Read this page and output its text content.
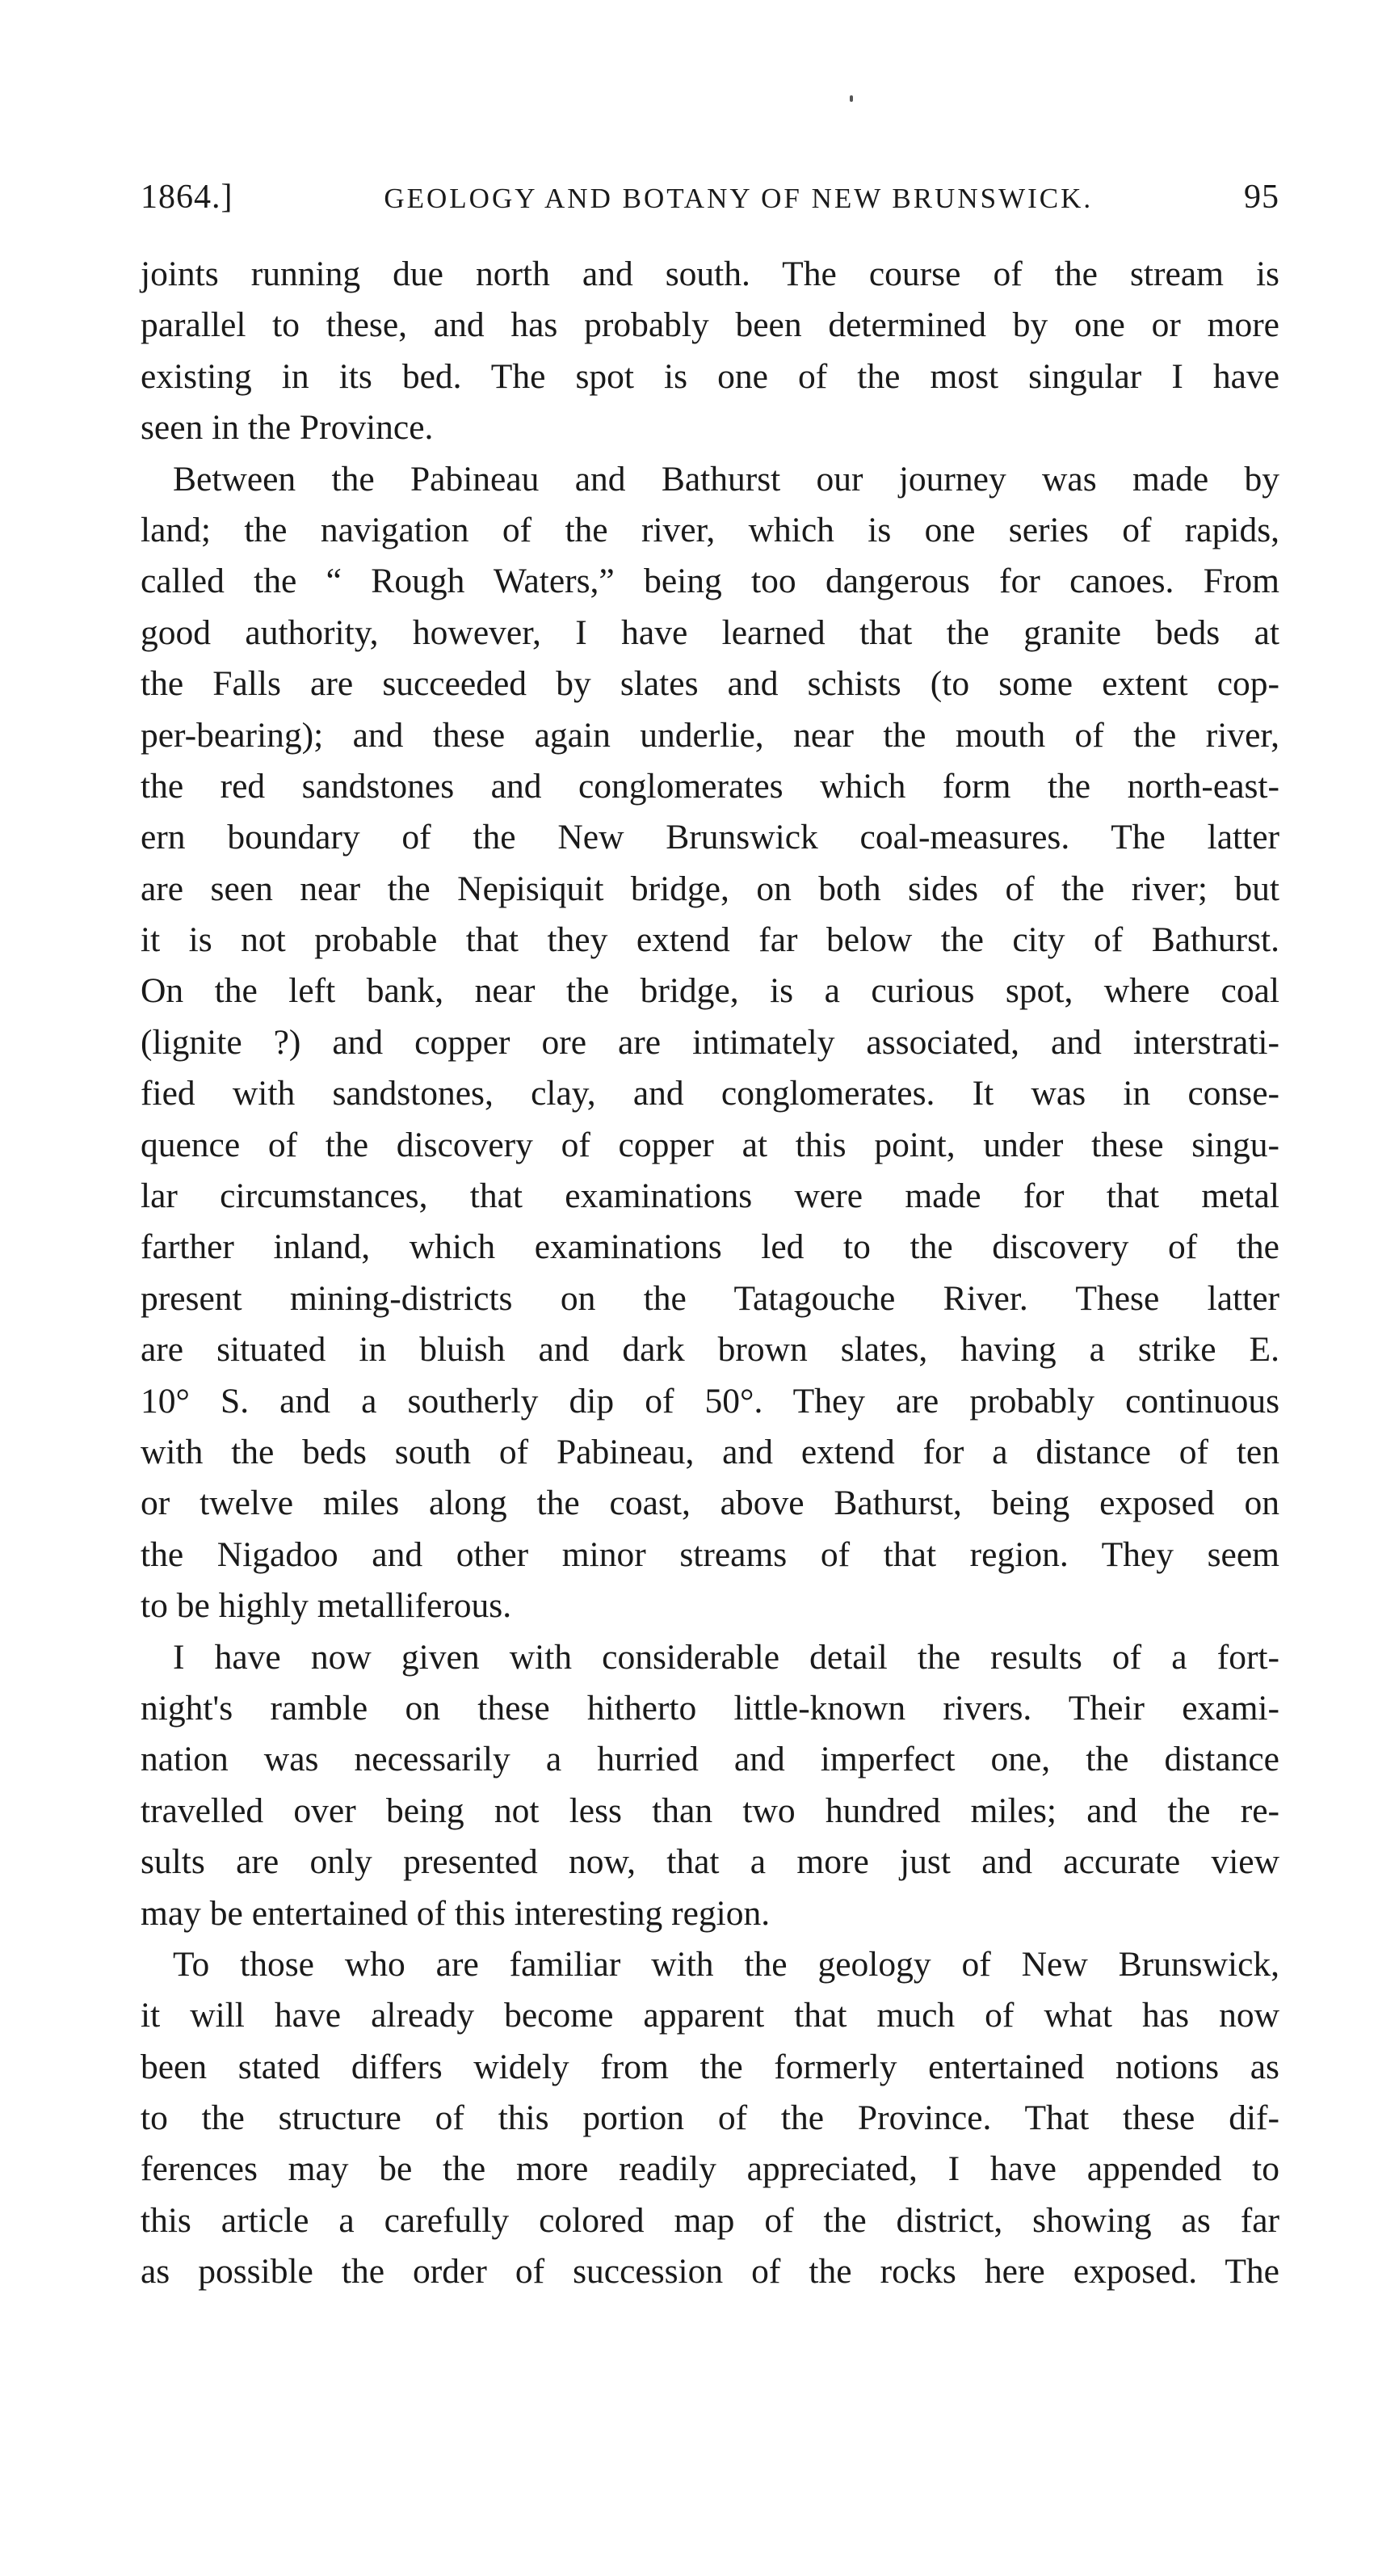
1864.]	GEOLOGY AND BOTANY OF NEW BRUNSWICK.	95
joints running due north and south. The course of the stream is
parallel to these, and has probably been determined by one or more
existing in its bed. The spot is one of the most singular I have
seen in the Province.
Between the Pabineau and Bathurst our journey was made by
land; the navigation of the river, which is one series of rapids,
called the “ Rough Waters,” being too dangerous for canoes. From
good authority, however, I have learned that the granite beds at
the Falls are succeeded by slates and schists (to some extent cop-
per-bearing); and these again underlie, near the mouth of the river,
the red sandstones and conglomerates which form the north-east-
ern boundary of the New Brunswick coal-measures. The latter
are seen near the Nepisiquit bridge, on both sides of the river; but
it is not probable that they extend far below the city of Bathurst.
On the left bank, near the bridge, is a curious spot, where coal
(lignite ?) and copper ore are intimately associated, and interstrati-
fied with sandstones, clay, and conglomerates. It was in conse-
quence of the discovery of copper at this point, under these singu-
lar circumstances, that examinations were made for that metal
farther inland, which examinations led to the discovery of the
present mining-districts on the Tatagouche River. These latter
are situated in bluish and dark brown slates, having a strike E.
10° S. and a southerly dip of 50°. They are probably continuous
with the beds south of Pabineau, and extend for a distance of ten
or twelve miles along the coast, above Bathurst, being exposed on
the Nigadoo and other minor streams of that region. They seem
to be highly metalliferous.
I have now given with considerable detail the results of a fort-
night's ramble on these hitherto little-known rivers. Their exami-
nation was necessarily a hurried and imperfect one, the distance
travelled over being not less than two hundred miles; and the re-
sults are only presented now, that a more just and accurate view
may be entertained of this interesting region.
To those who are familiar with the geology of New Brunswick,
it will have already become apparent that much of what has now
been stated differs widely from the formerly entertained notions as
to the structure of this portion of the Province. That these dif-
ferences may be the more readily appreciated, I have appended to
this article a carefully colored map of the district, showing as far
as possible the order of succession of the rocks here exposed. The
